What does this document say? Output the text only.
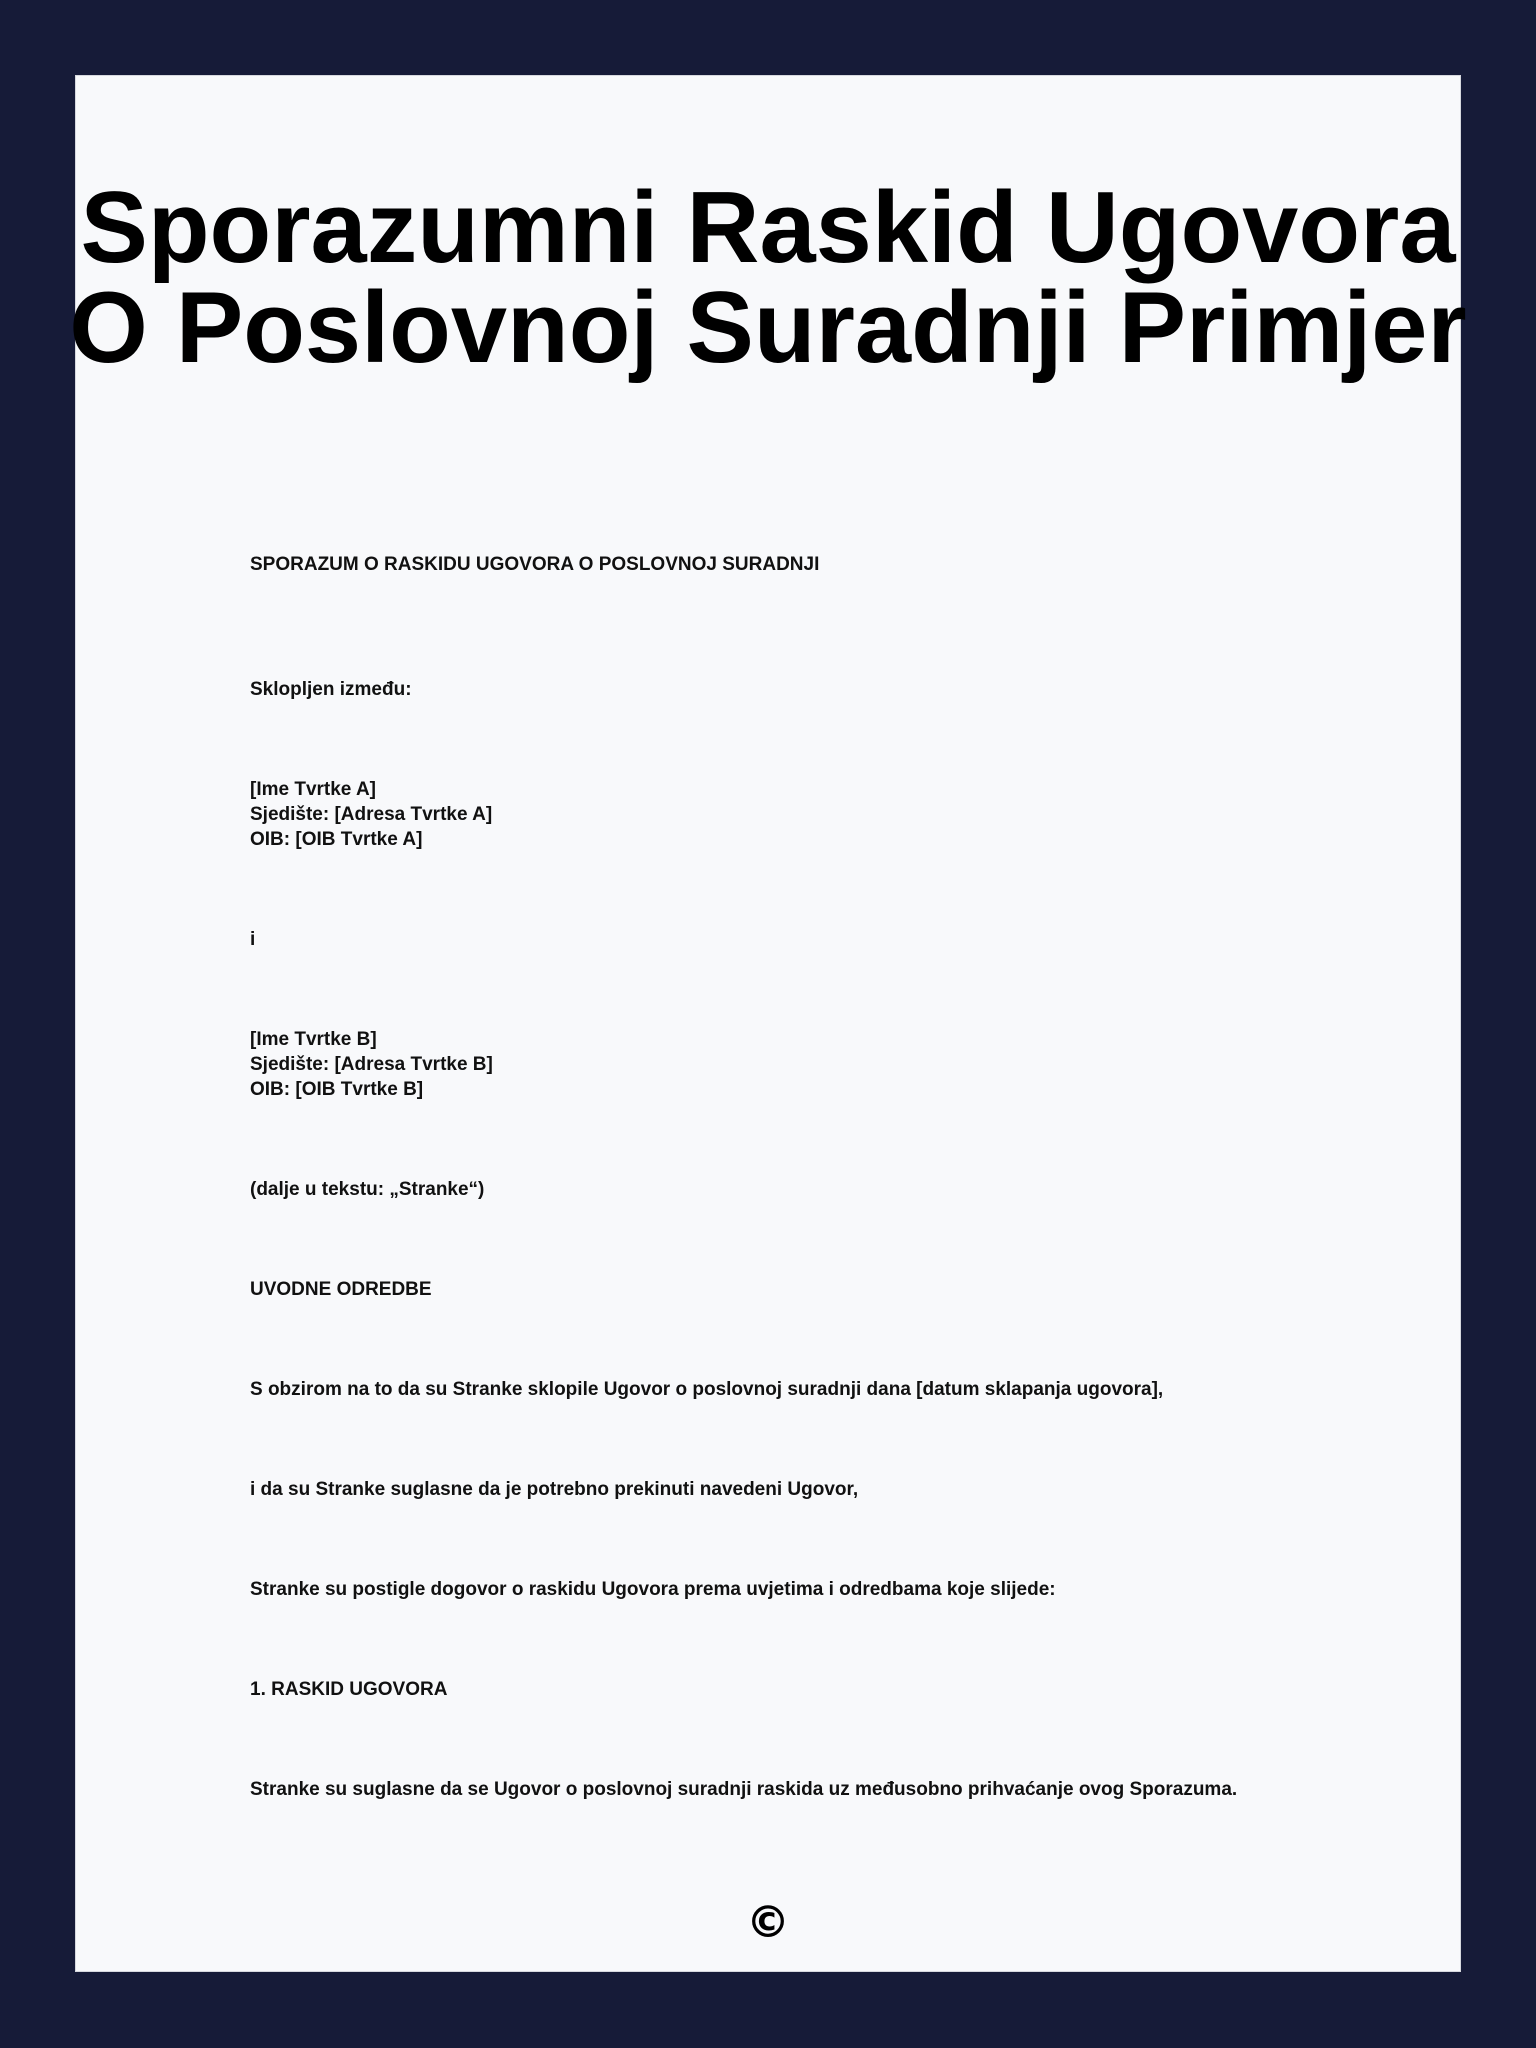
Sporazumni Raskid Ugovora
O Poslovnoj Suradnji Primjer

SPORAZUM O RASKIDU UGOVORA O POSLOVNOJ SURADNJI

Sklopljen između:

[Ime Tvrtke A]

Sjedište: [Adresa Tvrtke A]

OIB: [OIB Tvrtke A]

i

[Ime Tvrtke B]

Sjedište: [Adresa Tvrtke B]

OIB: [OIB Tvrtke B]

(dalje u tekstu: „Stranke“)

UVODNE ODREDBE

S obzirom na to da su Stranke sklopile Ugovor o poslovnoj suradnji dana [datum sklapanja ugovora],

i da su Stranke suglasne da je potrebno prekinuti navedeni Ugovor,

Stranke su postigle dogovor o raskidu Ugovora prema uvjetima i odredbama koje slijede:

1. RASKID UGOVORA

Stranke su suglasne da se Ugovor o poslovnoj suradnji raskida uz međusobno prihvaćanje ovog Sporazuma.

©
